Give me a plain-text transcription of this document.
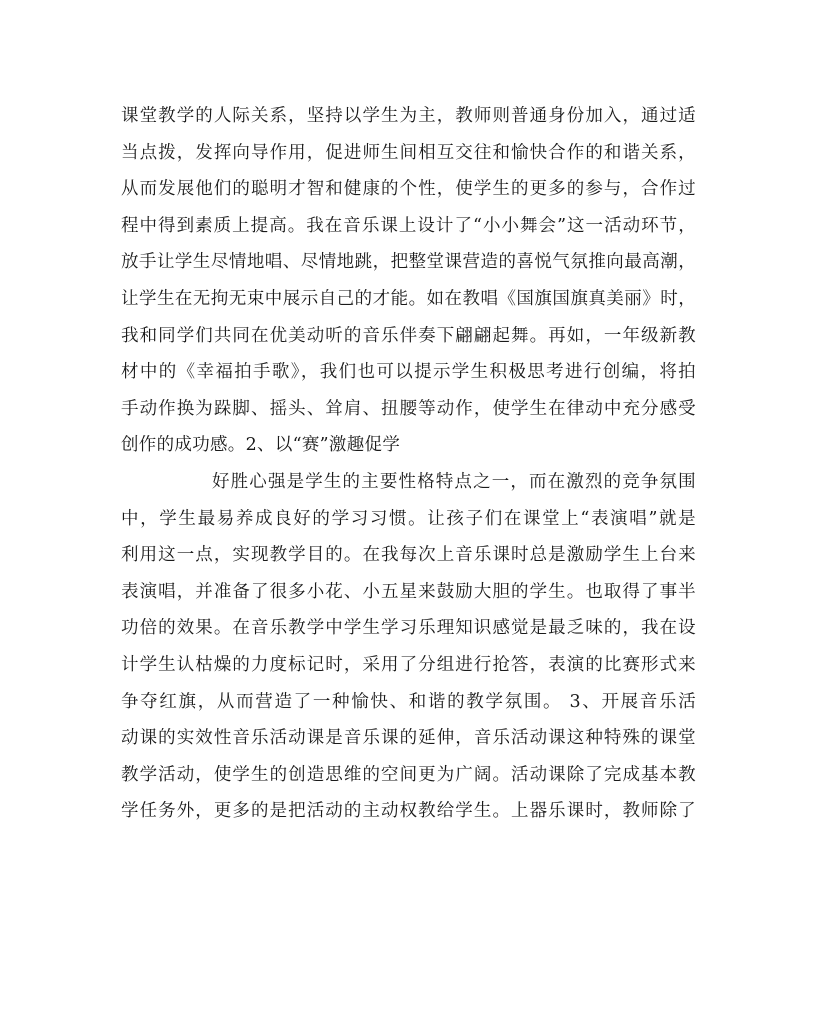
课堂教学的人际关系，坚持以学生为主，教师则普通身份加入，通过适
当点拨，发挥向导作用，促进师生间相互交往和愉快合作的和谐关系，
从而发展他们的聪明才智和健康的个性，使学生的更多的参与，合作过
程中得到素质上提高。我在音乐课上设计了“小小舞会”这一活动环节，
放手让学生尽情地唱、尽情地跳，把整堂课营造的喜悦气氛推向最高潮，
让学生在无拘无束中展示自己的才能。如在教唱《国旗国旗真美丽》时，
我和同学们共同在优美动听的音乐伴奏下翩翩起舞。再如，一年级新教
材中的《幸福拍手歌》，我们也可以提示学生积极思考进行创编，将拍
手动作换为跺脚、摇头、耸肩、扭腰等动作，使学生在律动中充分感受
创作的成功感。2、以“赛”激趣促学
好胜心强是学生的主要性格特点之一，而在激烈的竞争氛围
中，学生最易养成良好的学习习惯。让孩子们在课堂上“表演唱”就是
利用这一点，实现教学目的。在我每次上音乐课时总是激励学生上台来
表演唱，并准备了很多小花、小五星来鼓励大胆的学生。也取得了事半
功倍的效果。在音乐教学中学生学习乐理知识感觉是最乏味的，我在设
计学生认枯燥的力度标记时，采用了分组进行抢答，表演的比赛形式来
争夺红旗，从而营造了一种愉快、和谐的教学氛围。 3、开展音乐活
动课的实效性音乐活动课是音乐课的延伸，音乐活动课这种特殊的课堂
教学活动，使学生的创造思维的空间更为广阔。活动课除了完成基本教
学任务外，更多的是把活动的主动权教给学生。上器乐课时，教师除了
